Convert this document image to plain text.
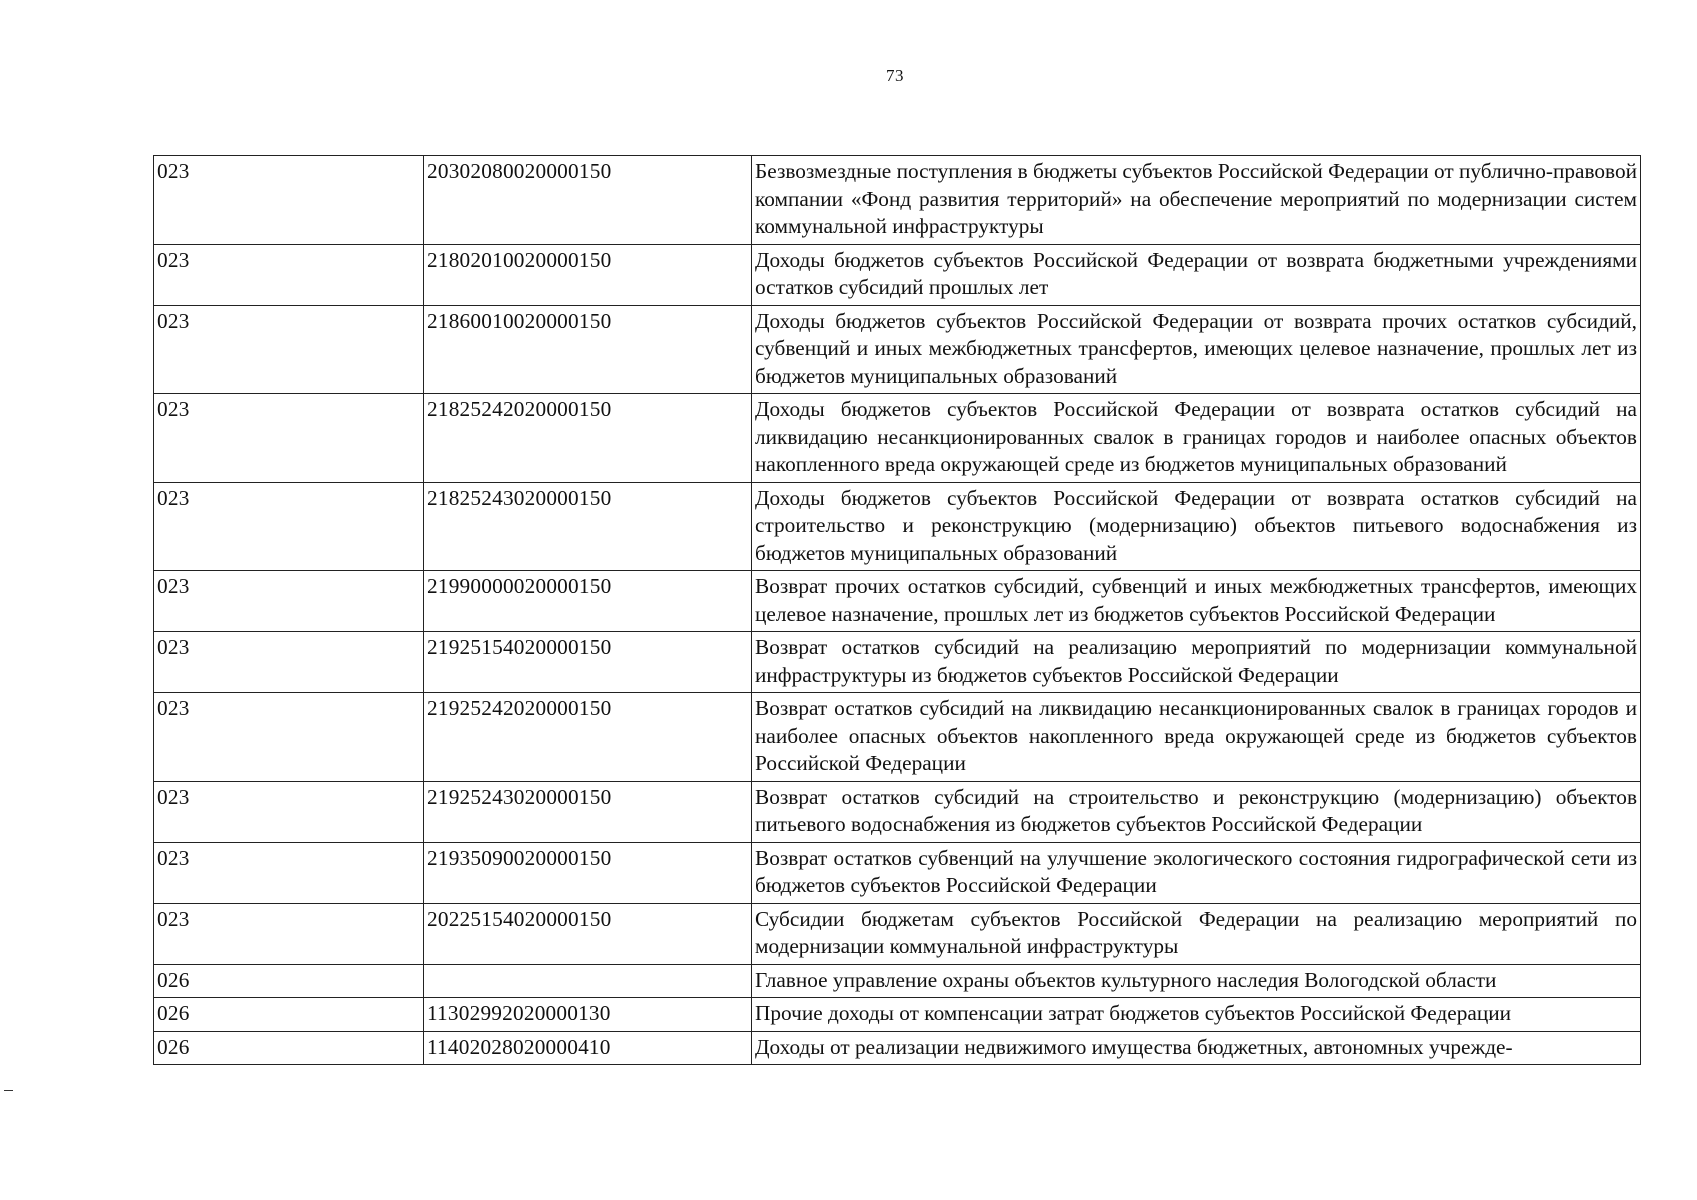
73
023	20302080020000150	Безвозмездные поступления в бюджеты субъектов Российской Федерации от публично-правовой компании «Фонд развития территорий» на обеспечение мероприятий по модернизации систем коммунальной инфраструктуры
023	21802010020000150	Доходы бюджетов субъектов Российской Федерации от возврата бюджетными учреждениями остатков субсидий прошлых лет
023	21860010020000150	Доходы бюджетов субъектов Российской Федерации от возврата прочих остатков субсидий, субвенций и иных межбюджетных трансфертов, имеющих целевое назначение, прошлых лет из бюджетов муниципальных образований
023	21825242020000150	Доходы бюджетов субъектов Российской Федерации от возврата остатков субсидий на ликвидацию несанкционированных свалок в границах городов и наиболее опасных объектов накопленного вреда окружающей среде из бюджетов муниципальных образований
023	21825243020000150	Доходы бюджетов субъектов Российской Федерации от возврата остатков субсидий на строительство и реконструкцию (модернизацию) объектов питьевого водоснабжения из бюджетов муниципальных образований
023	21990000020000150	Возврат прочих остатков субсидий, субвенций и иных межбюджетных трансфертов, имеющих целевое назначение, прошлых лет из бюджетов субъектов Российской Федерации
023	21925154020000150	Возврат остатков субсидий на реализацию мероприятий по модернизации коммунальной инфраструктуры из бюджетов субъектов Российской Федерации
023	21925242020000150	Возврат остатков субсидий на ликвидацию несанкционированных свалок в границах городов и наиболее опасных объектов накопленного вреда окружающей среде из бюджетов субъектов Российской Федерации
023	21925243020000150	Возврат остатков субсидий на строительство и реконструкцию (модернизацию) объектов питьевого водоснабжения из бюджетов субъектов Российской Федерации
023	21935090020000150	Возврат остатков субвенций на улучшение экологического состояния гидрографической сети из бюджетов субъектов Российской Федерации
023	20225154020000150	Субсидии бюджетам субъектов Российской Федерации на реализацию мероприятий по модернизации коммунальной инфраструктуры
026		Главное управление охраны объектов культурного наследия Вологодской области
026	11302992020000130	Прочие доходы от компенсации затрат бюджетов субъектов Российской Федерации
026	11402028020000410	Доходы от реализации недвижимого имущества бюджетных, автономных учрежде-
